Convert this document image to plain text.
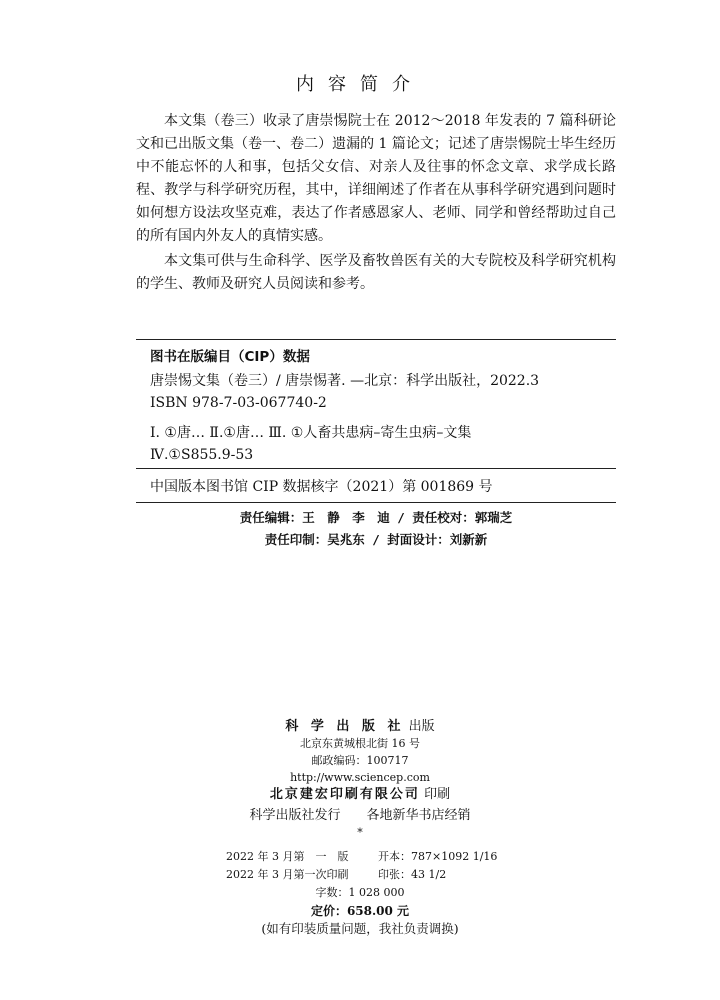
内容简介

本文集（卷三）收录了唐崇惕院士在 2012～2018 年发表的 7 篇科研论文和已出版文集（卷一、卷二）遗漏的 1 篇论文；记述了唐崇惕院士毕生经历中不能忘怀的人和事，包括父女信、对亲人及往事的怀念文章、求学成长路程、教学与科学研究历程，其中，详细阐述了作者在从事科学研究遇到问题时如何想方设法攻坚克难，表达了作者感恩家人、老师、同学和曾经帮助过自己的所有国内外友人的真情实感。

本文集可供与生命科学、医学及畜牧兽医有关的大专院校及科学研究机构的学生、教师及研究人员阅读和参考。

图书在版编目（CIP）数据
唐崇惕文集（卷三）/ 唐崇惕著. —北京：科学出版社，2022.3
ISBN 978-7-03-067740-2
Ⅰ. ①唐… Ⅱ.①唐… Ⅲ. ①人畜共患病–寄生虫病–文集
Ⅳ.①S855.9-53
中国版本图书馆 CIP 数据核字（2021）第 001869 号
责任编辑：王　静　李　迪 / 责任校对：郭瑞芝
责任印制：吴兆东 / 封面设计：刘新新
科 学 出 版 社 出版
北京东黄城根北街 16 号
邮政编码：100717
http://www.sciencep.com
北京建宏印刷有限公司 印刷
科学出版社发行　　各地新华书店经销
*
2022 年 3 月第　一　版	开本：787×1092 1/16
2022 年 3 月第一次印刷	印张：43 1/2
字数：1 028 000
定价：658.00 元
(如有印装质量问题，我社负责调换)
